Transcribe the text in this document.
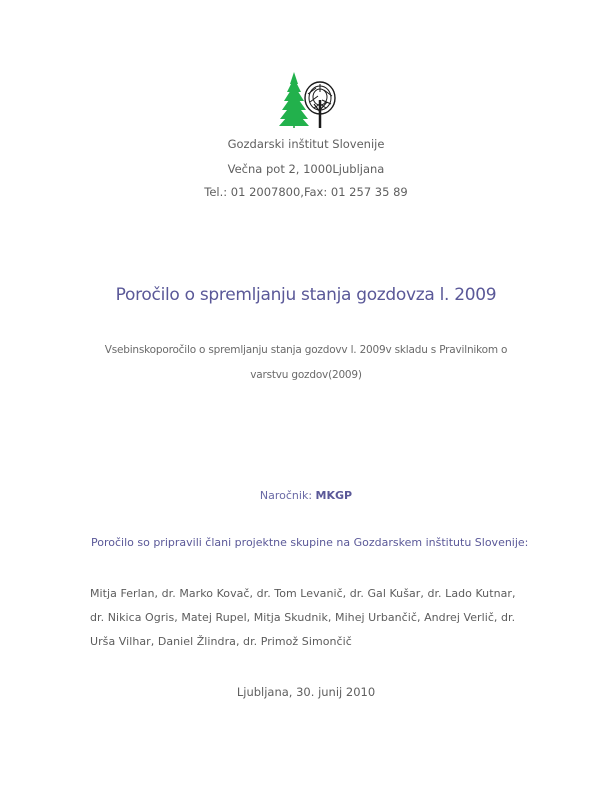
Gozdarski inštitut Slovenije
Večna pot 2, 1000Ljubljana
Tel.: 01 2007800,Fax: 01 257 35 89
Poročilo o spremljanju stanja gozdovza l. 2009
Vsebinskoporočilo o spremljanju stanja gozdovv l. 2009v skladu s Pravilnikom o
varstvu gozdov(2009)
Naročnik: MKGP
Poročilo so pripravili člani projektne skupine na Gozdarskem inštitutu Slovenije:
Mitja Ferlan, dr. Marko Kovač, dr. Tom Levanič, dr. Gal Kušar, dr. Lado Kutnar,
dr. Nikica Ogris, Matej Rupel, Mitja Skudnik, Mihej Urbančič, Andrej Verlič, dr.
Urša Vilhar, Daniel Žlindra, dr. Primož Simončič
Ljubljana, 30. junij 2010
